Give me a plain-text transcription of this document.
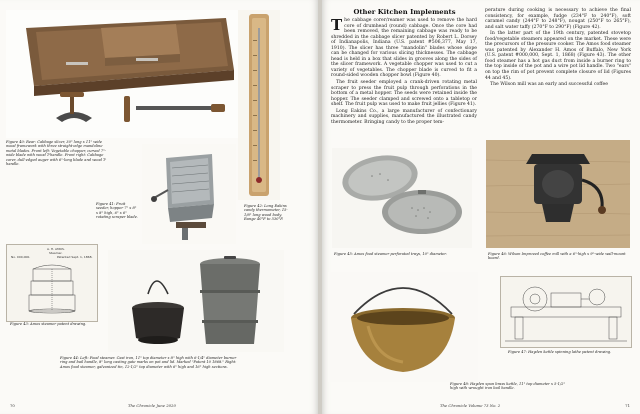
Figure 40: Rear: Cabbage slicer, 30" long x 11" wide wood framework with three straight-edge mandoline metal blades. Front left: Vegetable chopper, curved 7"-wide blade with wood T-handle. Front right: Cabbage corer, dull-edged auger with 6"-long blade and wood T-handle.

Figure 41: Fruit seeder, hopper 7" x 8" x 8" high, 6" x 6" rotating scraper blade.

Figure 42: Long Eakins candy thermometer, 15-1/8" long wood body. Range 40°F to 530°F.

A. H. AMOS.

Steamer.

No. 000,000.	Patented Sept. 1, 1868.

Figure 43: Amos steamer patent drawing.

Figure 44: Left: Food steamer. Cast iron, 11" top diameter x 8" high with 6-1/4" diameter burner ring and bail handle, 8" long casting gate marks on pot and lid. Marked "Patent 10 1868." Right: Amos food steamer, galvanized tin, 12-1/2" top diameter with 6" high and 16" high sections.

70	The Chronicle June 2020

Other Kitchen Implements

The cabbage corer/reamer was used to remove the hard core of drumhead (round) cabbage. Once the core had been removed, the remaining cabbage was ready to be shredded in the cabbage slicer patented by Robert L. Dorsey of Indianapolis, Indiana (U.S. patent #506,377, May 17, 1910). The slicer has three "mandolin" blades whose slope can be changed for various slicing thicknesses. The cabbage head is held in a box that slides in grooves along the sides of the slicer framework. A vegetable chopper was used to cut a variety of vegetables. The chopper blade is curved to fit a round-sided wooden chopper bowl (Figure 40).

The fruit seeder employed a crank-driven rotating metal scraper to press the fruit pulp through perforations in the bottom of a metal hopper. The seeds were retained inside the hopper. The seeder clamped and screwed onto a tabletop or shelf. The fruit pulp was used to make fruit jellies (Figure 41).

Long Eakins Co., a large manufacturer of confectionary machinery and supplies, manufactured the illustrated candy thermometer. Bringing candy to the proper tem-

perature during cooking is necessary to achieve the final consistency, for example, fudge (234°F to 240°F), soft caramel candy (244°F to 248°F), nougat (250°F to 265°F), and salt water taffy (270°F to 290°F) (Figure 42).

In the latter part of the 19th century, patented stovetop food/vegetable steamers appeared on the market. These were the precursors of the pressure cooker. The Amos food steamer was patented by Alexander H. Amos of Buffalo, New York (U.S. patent #000,000, Sept. 1, 1868) (Figure 43). The other food steamer has a hot gas duct from inside a burner ring to the top inside of the pot and a wire pot lid handle. Two "ears" on top the rim of pot prevent complete closure of lid (Figures 44 and 45).

The Wilson mill was an early and successful coffee

Figure 45: Amos food steamer perforated trays, 10" diameter.	Figure 46: Wilson Improved coffee mill with a 6"-high x 9"-wide wall-mount board.

Figure 48: Hayden spun brass kettle, 11" top diameter x 5-1/2" high with wrought iron bail handle.

Figure 47: Hayden kettle spinning lathe patent drawing.

The Chronicle Volume 73 No. 2	71
